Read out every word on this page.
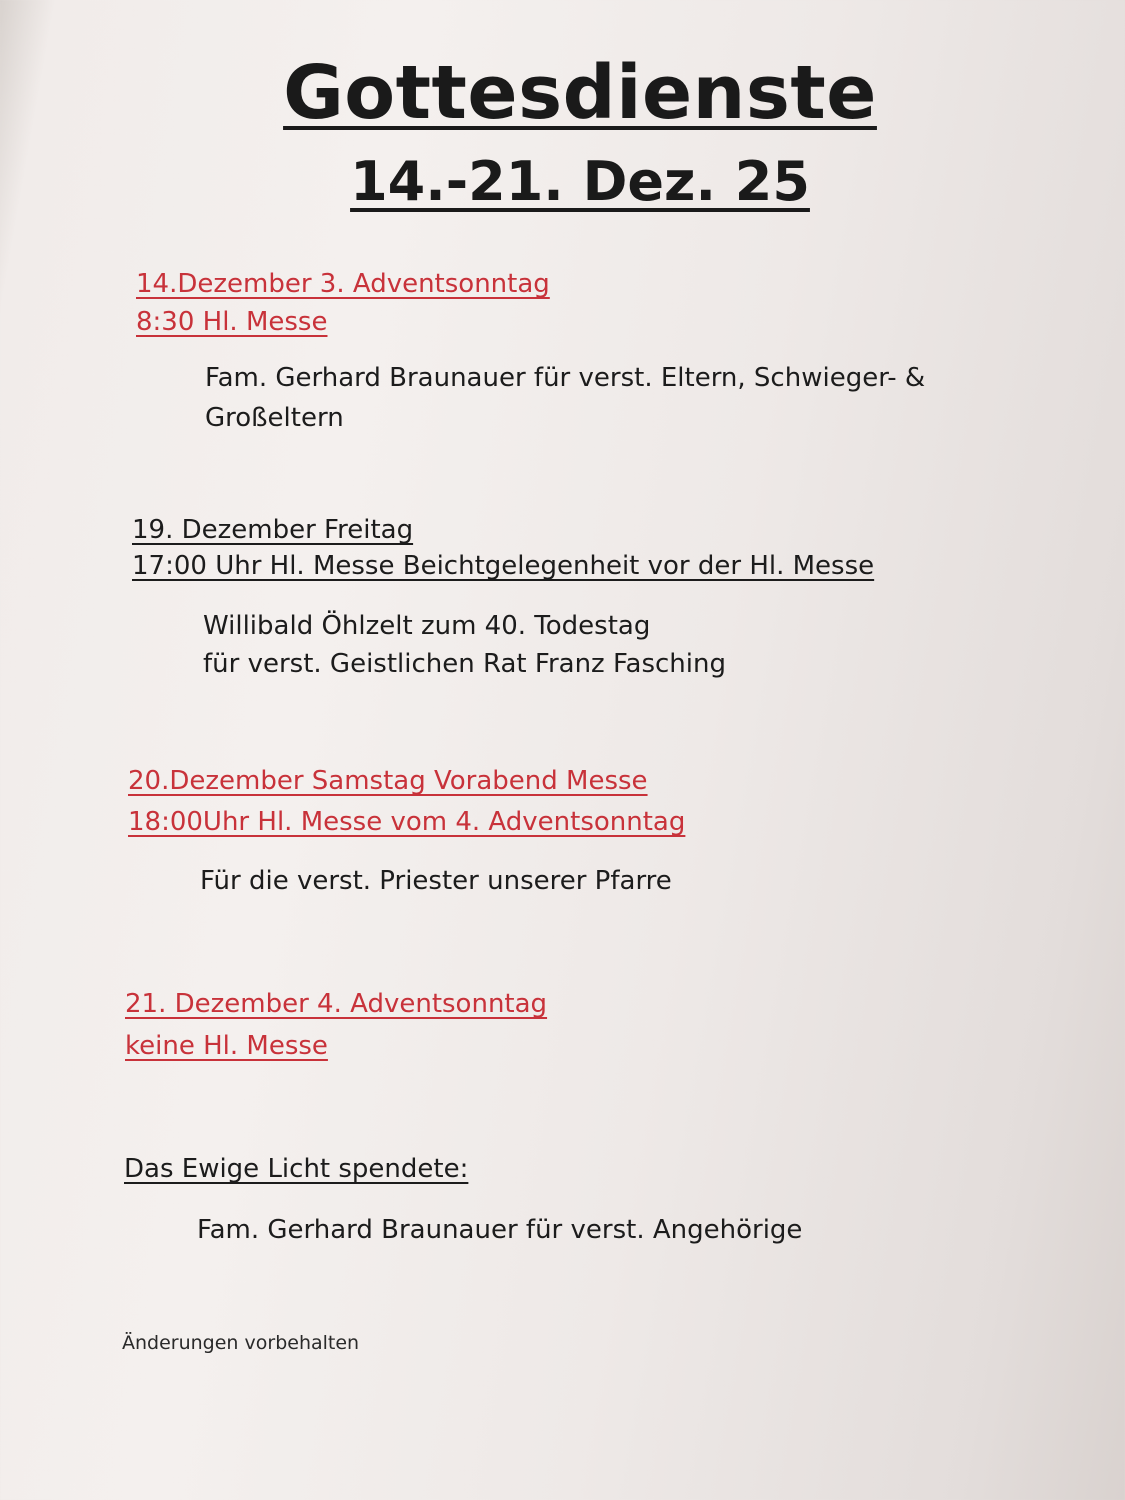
Gottesdienste
14.-21. Dez. 25
14.Dezember 3. Adventsonntag
8:30 Hl. Messe
Fam. Gerhard Braunauer für verst. Eltern, Schwieger- &
Großeltern
19. Dezember Freitag
17:00 Uhr Hl. Messe Beichtgelegenheit vor der Hl. Messe
Willibald Öhlzelt zum 40. Todestag
für verst. Geistlichen Rat Franz Fasching
20.Dezember Samstag Vorabend Messe
18:00Uhr Hl. Messe vom 4. Adventsonntag
Für die verst. Priester unserer Pfarre
21. Dezember 4. Adventsonntag
keine Hl. Messe
Das Ewige Licht spendete:
Fam. Gerhard Braunauer für verst. Angehörige
Änderungen vorbehalten
